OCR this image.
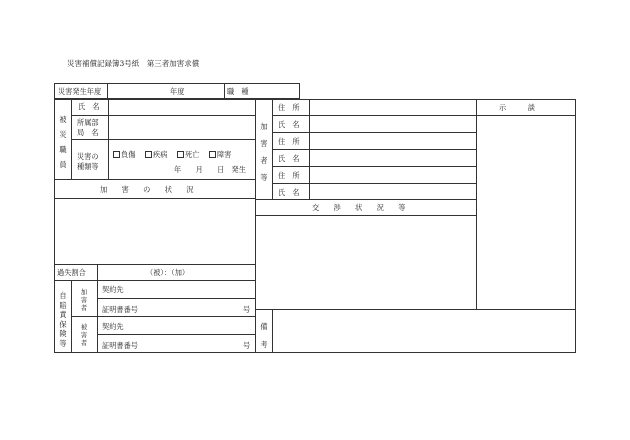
災害補償記録簿3号紙　第三者加害求償
災害発生年度	年度	職　種
被災職員
氏　名
所属部
局　名
災害の
種類等
負傷	疾病	死亡	障害
年　　月　　日　発生
加害者等
住　所
氏　名
住　所
氏　名
住　所
氏　名
示　　　談
加　　害　　の　　状　　況
交　　渉　　状　　況　　等
過失割合	（被）：（加）
自賠責保険等
加害者
被害者
契約先
証明書番号	号
契約先
証明書番号	号
備考
